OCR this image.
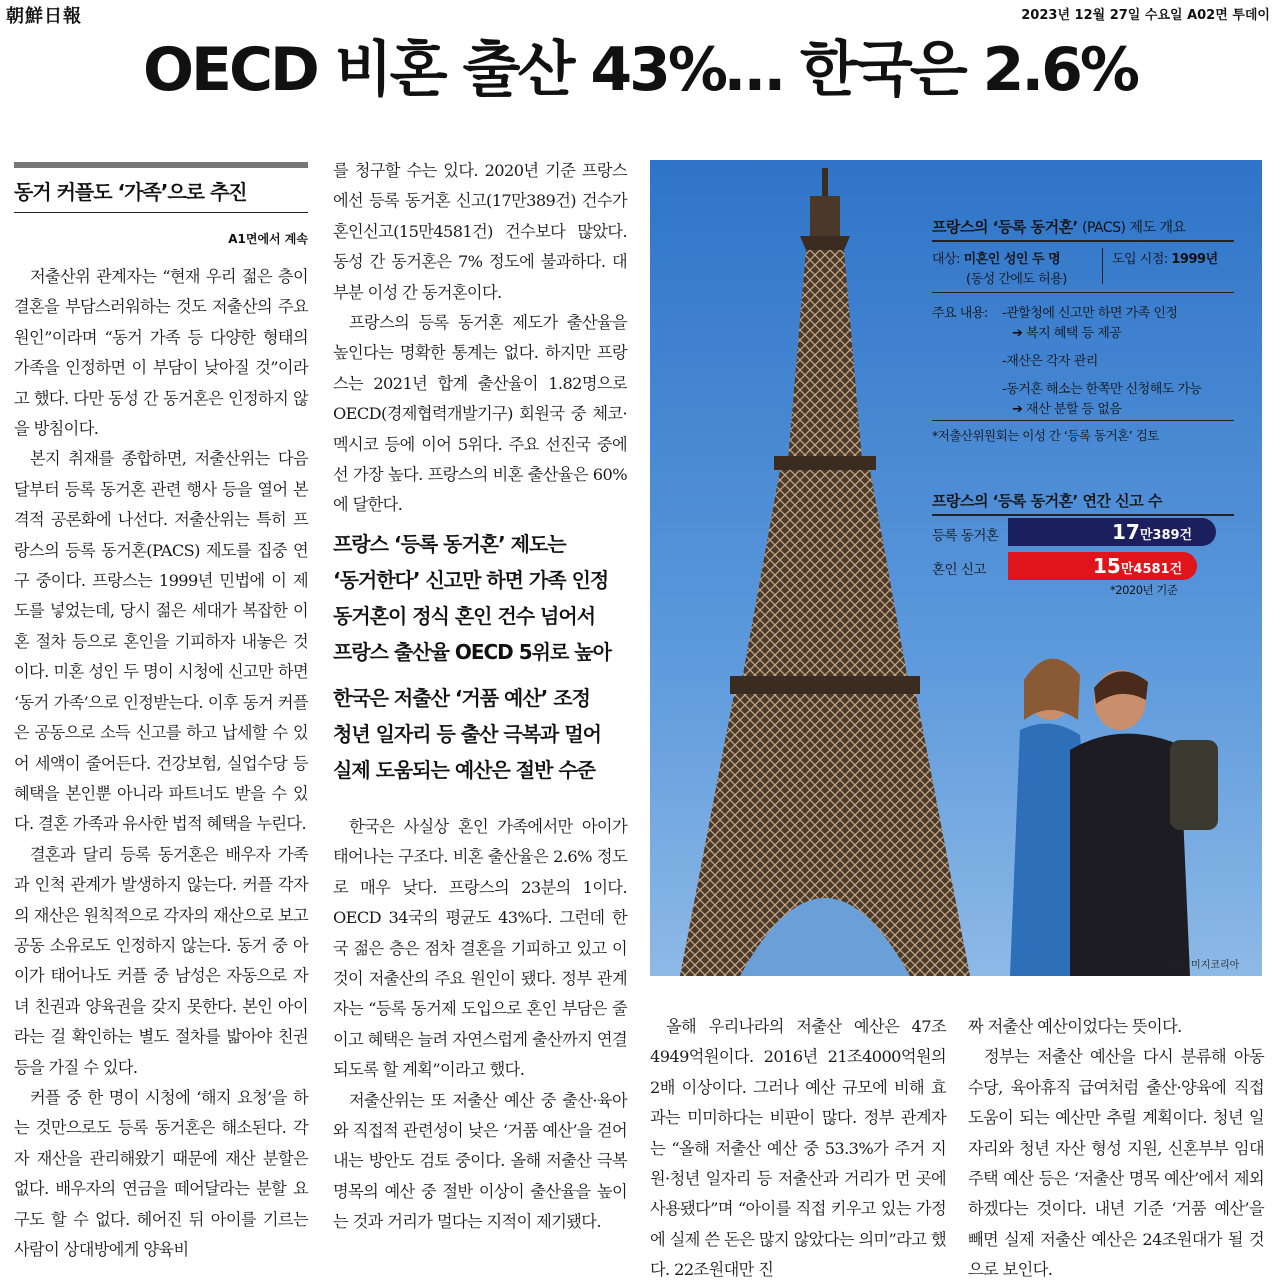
朝鮮日報	2023년 12월 27일 수요일 A02면 투데이
OECD 비혼 출산 43%… 한국은 2.6%
동거 커플도 ‘가족’으로 추진
A1면에서 계속

저출산위 관계자는 “현재 우리 젊은 층이 결혼을 부담스러워하는 것도 저출산의 주요 원인”이라며 “동거 가족 등 다양한 형태의 가족을 인정하면 이 부담이 낮아질 것”이라고 했다. 다만 동성 간 동거혼은 인정하지 않을 방침이다.

본지 취재를 종합하면, 저출산위는 다음 달부터 등록 동거혼 관련 행사 등을 열어 본격적 공론화에 나선다. 저출산위는 특히 프랑스의 등록 동거혼(PACS) 제도를 집중 연구 중이다. 프랑스는 1999년 민법에 이 제도를 넣었는데, 당시 젊은 세대가 복잡한 이혼 절차 등으로 혼인을 기피하자 내놓은 것이다. 미혼 성인 두 명이 시청에 신고만 하면 ‘동거 가족’으로 인정받는다. 이후 동거 커플은 공동으로 소득 신고를 하고 납세할 수 있어 세액이 줄어든다. 건강보험, 실업수당 등 혜택을 본인뿐 아니라 파트너도 받을 수 있다. 결혼 가족과 유사한 법적 혜택을 누린다.

결혼과 달리 등록 동거혼은 배우자 가족과 인척 관계가 발생하지 않는다. 커플 각자의 재산은 원칙적으로 각자의 재산으로 보고 공동 소유로도 인정하지 않는다. 동거 중 아이가 태어나도 커플 중 남성은 자동으로 자녀 친권과 양육권을 갖지 못한다. 본인 아이라는 걸 확인하는 별도 절차를 밟아야 친권 등을 가질 수 있다.

커플 중 한 명이 시청에 ‘해지 요청’을 하는 것만으로도 등록 동거혼은 해소된다. 각자 재산을 관리해왔기 때문에 재산 분할은 없다. 배우자의 연금을 떼어달라는 분할 요구도 할 수 없다. 헤어진 뒤 아이를 기르는 사람이 상대방에게 양육비

를 청구할 수는 있다. 2020년 기준 프랑스에선 등록 동거혼 신고(17만389건) 건수가 혼인신고(15만4581건) 건수보다 많았다. 동성 간 동거혼은 7% 정도에 불과하다. 대부분 이성 간 동거혼이다.

프랑스의 등록 동거혼 제도가 출산율을 높인다는 명확한 통계는 없다. 하지만 프랑스는 2021년 합계 출산율이 1.82명으로 OECD(경제협력개발기구) 회원국 중 체코·멕시코 등에 이어 5위다. 주요 선진국 중에선 가장 높다. 프랑스의 비혼 출산율은 60%에 달한다.

프랑스 ‘등록 동거혼’ 제도는
‘동거한다’ 신고만 하면 가족 인정
동거혼이 정식 혼인 건수 넘어서
프랑스 출산율 OECD 5위로 높아
한국은 저출산 ‘거품 예산’ 조정
청년 일자리 등 출산 극복과 멀어
실제 도움되는 예산은 절반 수준

한국은 사실상 혼인 가족에서만 아이가 태어나는 구조다. 비혼 출산율은 2.6% 정도로 매우 낮다. 프랑스의 23분의 1이다. OECD 34국의 평균도 43%다. 그런데 한국 젊은 층은 점차 결혼을 기피하고 있고 이것이 저출산의 주요 원인이 됐다. 정부 관계자는 “등록 동거제 도입으로 혼인 부담은 줄이고 혜택은 늘려 자연스럽게 출산까지 연결되도록 할 계획”이라고 했다.

저출산위는 또 저출산 예산 중 출산·육아와 직접적 관련성이 낮은 ‘거품 예산’을 걷어내는 방안도 검토 중이다. 올해 저출산 극복 명목의 예산 중 절반 이상이 출산율을 높이는 것과 거리가 멀다는 지적이 제기됐다.

프랑스의 ‘등록 동거혼’ (PACS) 제도 개요
대상: 미혼인 성인 두 명
(동성 간에도 허용)
도입 시점: 1999년
주요 내용: -관할청에 신고만 하면 가족 인정
➔ 복지 혜택 등 제공
-재산은 각자 관리
-동거혼 해소는 한쪽만 신청해도 가능
➔ 재산 분할 등 없음
*저출산위원회는 이성 간 ‘등록 동거혼’ 검토
프랑스의 ‘등록 동거혼’ 연간 신고 수
등록 동거혼
혼인 신고
17만389건
15만4581건
*2020년 기준
게티이미지코리아

올해 우리나라의 저출산 예산은 47조4949억원이다. 2016년 21조4000억원의 2배 이상이다. 그러나 예산 규모에 비해 효과는 미미하다는 비판이 많다. 정부 관계자는 “올해 저출산 예산 중 53.3%가 주거 지원·청년 일자리 등 저출산과 거리가 먼 곳에 사용됐다”며 “아이를 직접 키우고 있는 가정에 실제 쓴 돈은 많지 않았다는 의미”라고 했다. 22조원대만 진

짜 저출산 예산이었다는 뜻이다.

정부는 저출산 예산을 다시 분류해 아동 수당, 육아휴직 급여처럼 출산·양육에 직접 도움이 되는 예산만 추릴 계획이다. 청년 일자리와 청년 자산 형성 지원, 신혼부부 임대주택 예산 등은 ‘저출산 명목 예산’에서 제외하겠다는 것이다. 내년 기준 ‘거품 예산’을 빼면 실제 저출산 예산은 24조원대가 될 것으로 보인다.
